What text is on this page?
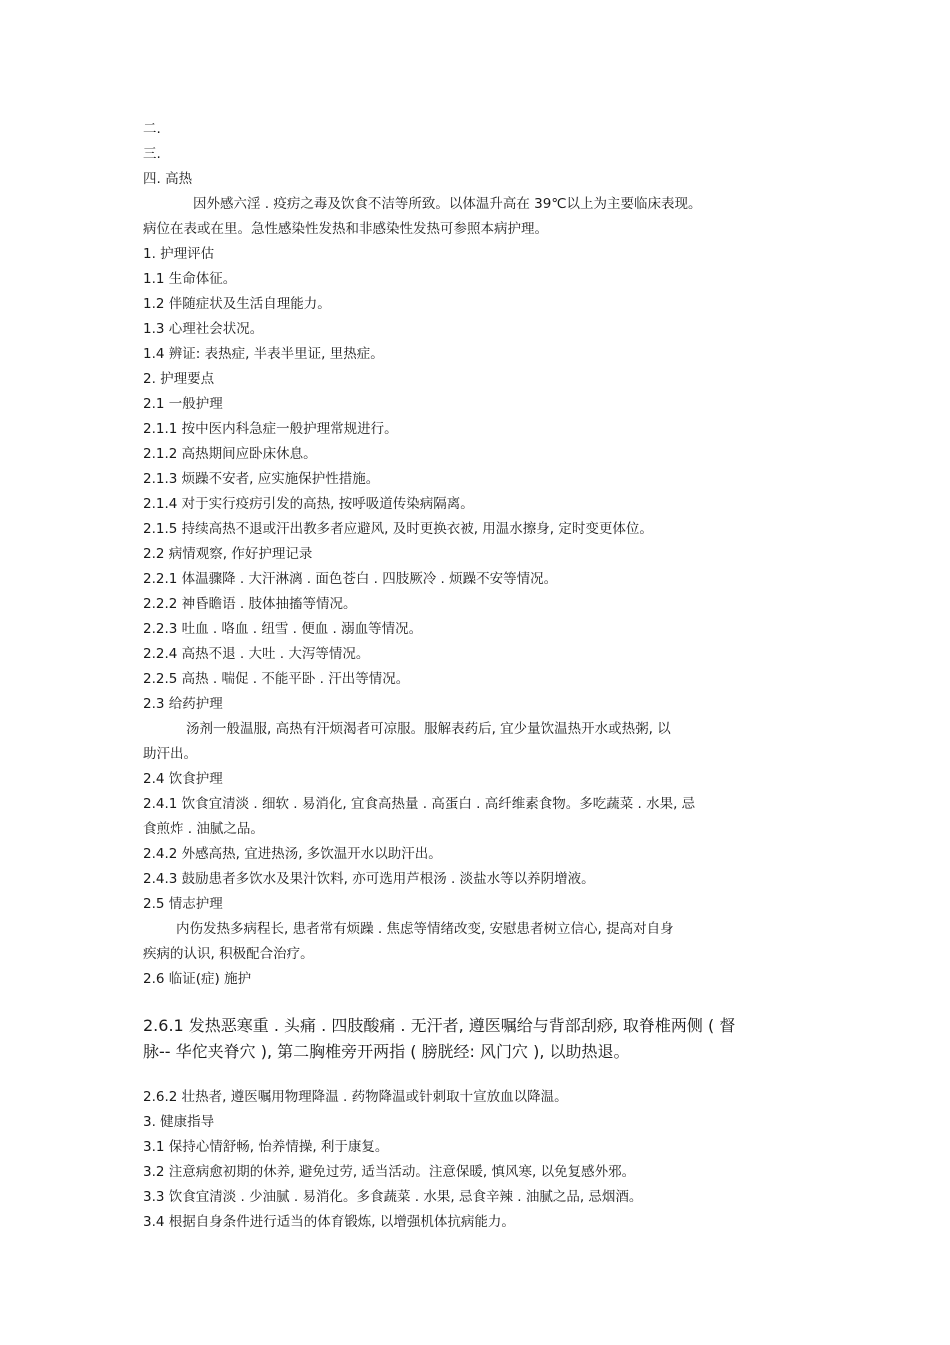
二.
三.
四. 高热
因外感六淫 . 疫疠之毒及饮食不洁等所致。以体温升高在 39℃以上为主要临床表现。
病位在表或在里。急性感染性发热和非感染性发热可参照本病护理。
1. 护理评估
1.1 生命体征。
1.2 伴随症状及生活自理能力。
1.3 心理社会状况。
1.4 辨证: 表热症, 半表半里证, 里热症。
2. 护理要点
2.1 一般护理
2.1.1 按中医内科急症一般护理常规进行。
2.1.2 高热期间应卧床休息。
2.1.3 烦躁不安者, 应实施保护性措施。
2.1.4 对于实行疫疠引发的高热, 按呼吸道传染病隔离。
2.1.5 持续高热不退或汗出教多者应避风, 及时更换衣被, 用温水擦身, 定时变更体位。
2.2 病情观察, 作好护理记录
2.2.1 体温骤降 . 大汗淋漓 . 面色苍白 . 四肢厥冷 . 烦躁不安等情况。
2.2.2 神昏瞻语 . 肢体抽搐等情况。
2.2.3 吐血 . 咯血 . 纽雪 . 便血 . 溺血等情况。
2.2.4 高热不退 . 大吐 . 大泻等情况。
2.2.5 高热 . 喘促 . 不能平卧 . 汗出等情况。
2.3 给药护理
汤剂一般温服, 高热有汗烦渴者可凉服。服解表药后, 宜少量饮温热开水或热粥, 以
助汗出。
2.4 饮食护理
2.4.1 饮食宜清淡 . 细软 . 易消化, 宜食高热量 . 高蛋白 . 高纤维素食物。多吃蔬菜 . 水果, 忌
食煎炸 . 油腻之品。
2.4.2 外感高热, 宜进热汤, 多饮温开水以助汗出。
2.4.3 鼓励患者多饮水及果汁饮料, 亦可选用芦根汤 . 淡盐水等以养阴增液。
2.5 情志护理
内伤发热多病程长, 患者常有烦躁 . 焦虑等情绪改变, 安慰患者树立信心, 提高对自身
疾病的认识, 积极配合治疗。
2.6 临证(症) 施护
2.6.1 发热恶寒重 . 头痛 . 四肢酸痛 . 无汗者, 遵医嘱给与背部刮痧, 取脊椎两侧 ( 督
脉-- 华佗夹脊穴 ), 第二胸椎旁开两指 ( 膀胱经: 风门穴 ), 以助热退。
2.6.2 壮热者, 遵医嘱用物理降温 . 药物降温或针刺取十宣放血以降温。
3. 健康指导
3.1 保持心情舒畅, 怡养情操, 利于康复。
3.2 注意病愈初期的休养, 避免过劳, 适当活动。注意保暖, 慎风寒, 以免复感外邪。
3.3 饮食宜清淡 . 少油腻 . 易消化。多食蔬菜 . 水果, 忌食辛辣 . 油腻之品, 忌烟酒。
3.4 根据自身条件进行适当的体育锻炼, 以增强机体抗病能力。
